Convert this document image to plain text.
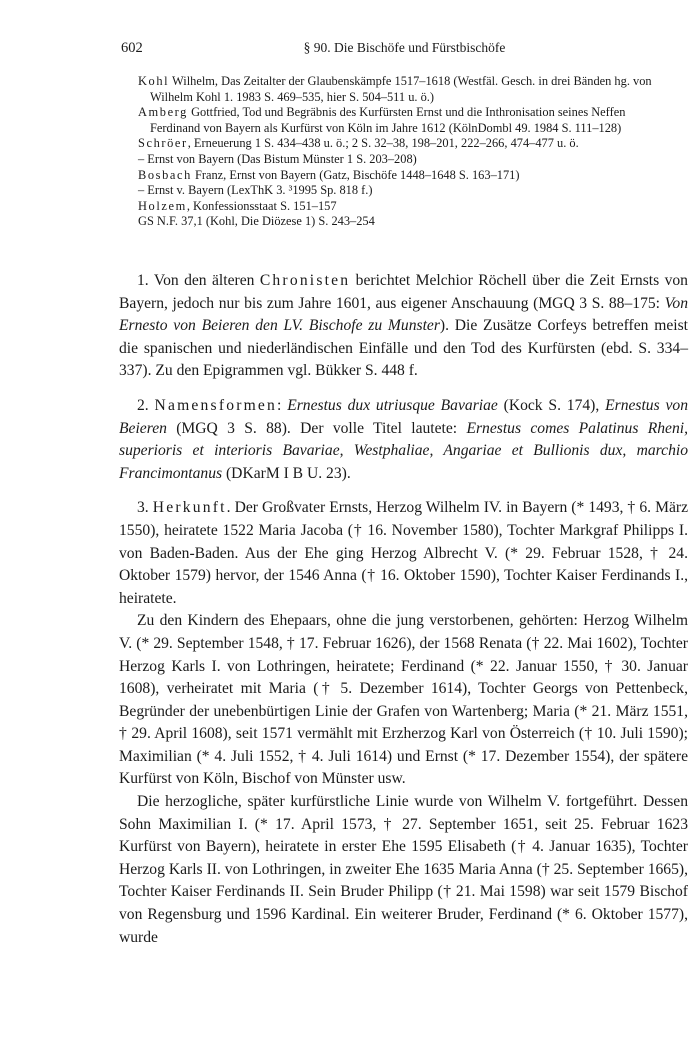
602	§ 90. Die Bischöfe und Fürstbischöfe
Kohl Wilhelm, Das Zeitalter der Glaubenskämpfe 1517–1618 (Westfäl. Gesch. in drei Bänden hg. von Wilhelm Kohl 1. 1983 S. 469–535, hier S. 504–511 u. ö.)
Amberg Gottfried, Tod und Begräbnis des Kurfürsten Ernst und die Inthronisation seines Neffen Ferdinand von Bayern als Kurfürst von Köln im Jahre 1612 (KölnDombl 49. 1984 S. 111–128)
Schröer, Erneuerung 1 S. 434–438 u. ö.; 2 S. 32–38, 198–201, 222–266, 474–477 u. ö.
– Ernst von Bayern (Das Bistum Münster 1 S. 203–208)
Bosbach Franz, Ernst von Bayern (Gatz, Bischöfe 1448–1648 S. 163–171)
– Ernst v. Bayern (LexThK 3. ³1995 Sp. 818 f.)
Holzem, Konfessionsstaat S. 151–157
GS N.F. 37,1 (Kohl, Die Diözese 1) S. 243–254

1. Von den älteren Chronisten berichtet Melchior Röchell über die Zeit Ernsts von Bayern, jedoch nur bis zum Jahre 1601, aus eigener Anschauung (MGQ 3 S. 88–175: Von Ernesto von Beieren den LV. Bischofe zu Munster). Die Zusätze Corfeys betreffen meist die spanischen und niederländischen Einfälle und den Tod des Kurfürsten (ebd. S. 334–337). Zu den Epigrammen vgl. Bükker S. 448 f.

2. Namensformen: Ernestus dux utriusque Bavariae (Kock S. 174), Ernestus von Beieren (MGQ 3 S. 88). Der volle Titel lautete: Ernestus comes Palatinus Rheni, superioris et interioris Bavariae, Westphaliae, Angariae et Bullionis dux, marchio Francimontanus (DKarM I B U. 23).

3. Herkunft. Der Großvater Ernsts, Herzog Wilhelm IV. in Bayern (* 1493, † 6. März 1550), heiratete 1522 Maria Jacoba († 16. November 1580), Tochter Markgraf Philipps I. von Baden-Baden. Aus der Ehe ging Herzog Albrecht V. (* 29. Februar 1528, † 24. Oktober 1579) hervor, der 1546 Anna († 16. Oktober 1590), Tochter Kaiser Ferdinands I., heiratete.

Zu den Kindern des Ehepaars, ohne die jung verstorbenen, gehörten: Herzog Wilhelm V. (* 29. September 1548, † 17. Februar 1626), der 1568 Renata († 22. Mai 1602), Tochter Herzog Karls I. von Lothringen, heiratete; Ferdinand (* 22. Januar 1550, † 30. Januar 1608), verheiratet mit Maria († 5. Dezember 1614), Tochter Georgs von Pettenbeck, Begründer der unebenbürtigen Linie der Grafen von Wartenberg; Maria (* 21. März 1551, † 29. April 1608), seit 1571 vermählt mit Erzherzog Karl von Österreich († 10. Juli 1590); Maximilian (* 4. Juli 1552, † 4. Juli 1614) und Ernst (* 17. Dezember 1554), der spätere Kurfürst von Köln, Bischof von Münster usw.

Die herzogliche, später kurfürstliche Linie wurde von Wilhelm V. fortgeführt. Dessen Sohn Maximilian I. (* 17. April 1573, † 27. September 1651, seit 25. Februar 1623 Kurfürst von Bayern), heiratete in erster Ehe 1595 Elisabeth († 4. Januar 1635), Tochter Herzog Karls II. von Lothringen, in zweiter Ehe 1635 Maria Anna († 25. September 1665), Tochter Kaiser Ferdinands II. Sein Bruder Philipp († 21. Mai 1598) war seit 1579 Bischof von Regensburg und 1596 Kardinal. Ein weiterer Bruder, Ferdinand (* 6. Oktober 1577), wurde
